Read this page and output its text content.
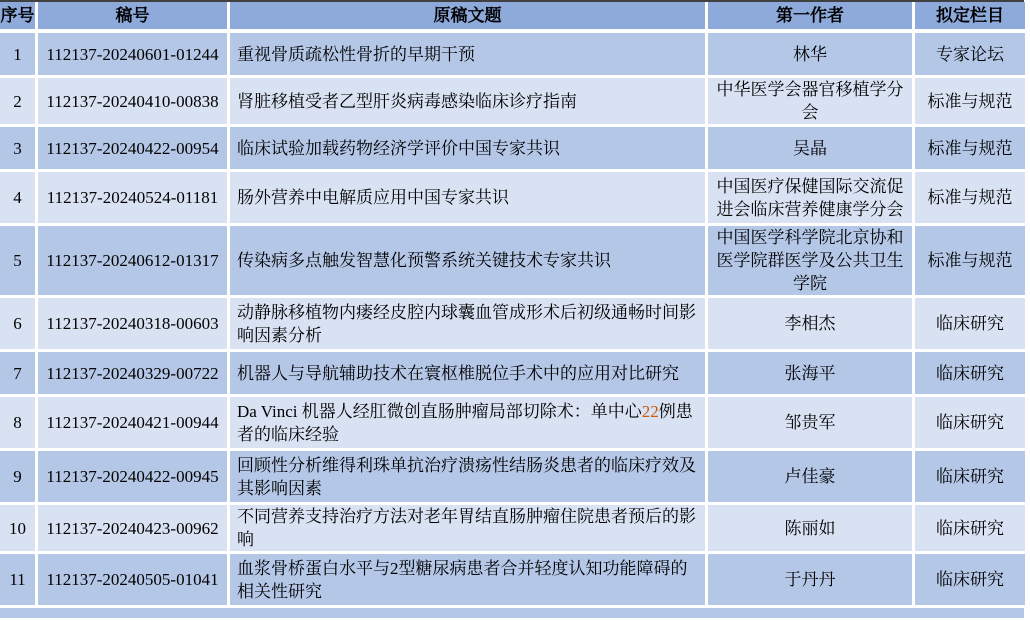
序号	稿号	原稿文题	第一作者	拟定栏目
1	112137-20240601-01244	重视骨质疏松性骨折的早期干预	林华	专家论坛
2	112137-20240410-00838	肾脏移植受者乙型肝炎病毒感染临床诊疗指南	中华医学会器官移植学分会	标准与规范
3	112137-20240422-00954	临床试验加载药物经济学评价中国专家共识	吴晶	标准与规范
4	112137-20240524-01181	肠外营养中电解质应用中国专家共识	中国医疗保健国际交流促进会临床营养健康学分会	标准与规范
5	112137-20240612-01317	传染病多点触发智慧化预警系统关键技术专家共识	中国医学科学院北京协和医学院群医学及公共卫生学院	标准与规范
6	112137-20240318-00603	动静脉移植物内瘘经皮腔内球囊血管成形术后初级通畅时间影响因素分析	李相杰	临床研究
7	112137-20240329-00722	机器人与导航辅助技术在寰枢椎脱位手术中的应用对比研究	张海平	临床研究
8	112137-20240421-00944	Da Vinci 机器人经肛微创直肠肿瘤局部切除术：单中心22例患者的临床经验	邹贵军	临床研究
9	112137-20240422-00945	回顾性分析维得利珠单抗治疗溃疡性结肠炎患者的临床疗效及其影响因素	卢佳豪	临床研究
10	112137-20240423-00962	不同营养支持治疗方法对老年胃结直肠肿瘤住院患者预后的影响	陈丽如	临床研究
11	112137-20240505-01041	血浆骨桥蛋白水平与2型糖尿病患者合并轻度认知功能障碍的相关性研究	于丹丹	临床研究
